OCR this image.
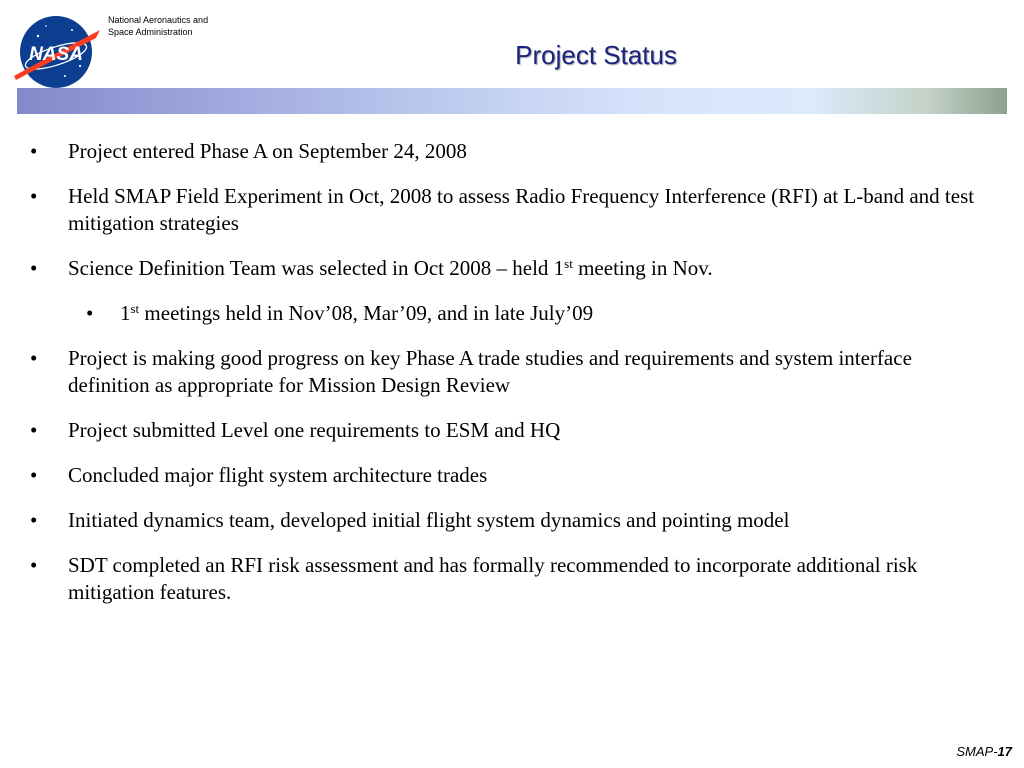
NASA
National Aeronautics and
Space Administration
Project Status
• Project entered Phase A on September 24, 2008
• Held SMAP Field Experiment in Oct, 2008 to assess Radio Frequency Interference (RFI) at L-band and test mitigation strategies
• Science Definition Team was selected in Oct 2008 – held 1st meeting in Nov.
• 1st meetings held in Nov’08, Mar’09, and in late July’09
• Project is making good progress on key Phase A trade studies and requirements and system interface definition as appropriate for Mission Design Review
• Project submitted Level one requirements to ESM and HQ
• Concluded major flight system architecture trades
• Initiated dynamics team, developed initial flight system dynamics and pointing model
• SDT completed an RFI risk assessment and has formally recommended to incorporate additional risk mitigation features.
SMAP-17
